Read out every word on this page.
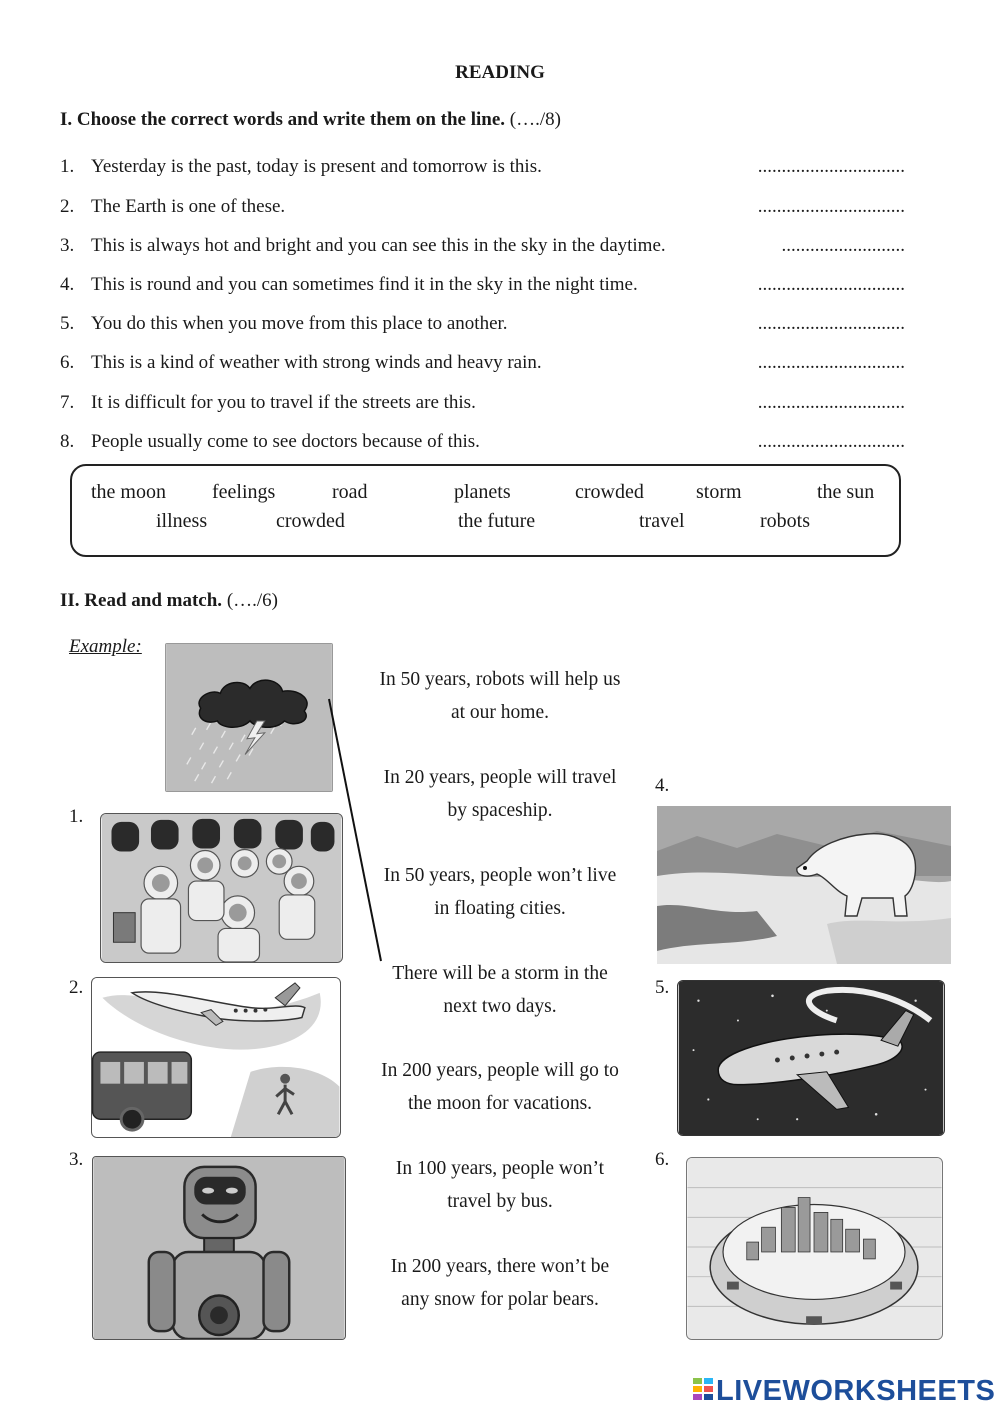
READING
I. Choose the correct words and write them on the line. (…./8)
1. Yesterday is the past, today is present and tomorrow is this.	...............................
2. The Earth is one of these.	...............................
3. This is always hot and bright and you can see this in the sky in the daytime.	..........................
4. This is round and you can sometimes find it in the sky in the night time.	...............................
5. You do this when you move from this place to another.	...............................
6. This is a kind of weather with strong winds and heavy rain.	...............................
7. It is difficult for you to travel if the streets are this.	...............................
8. People usually come to see doctors because of this.	...............................
the moon feelings	road	planets	crowded	storm	the sun
illness	crowded	the future	travel	robots
II. Read and match. (…./6)
Example:
In 50 years, robots will help us
at our home.
In 20 years, people will travel
by spaceship.
In 50 years, people won’t live
in floating cities.
There will be a storm in the
next two days.
In 200 years, people will go to
the moon for vacations.
In 100 years, people won’t
travel by bus.
In 200 years, there won’t be
any snow for polar bears.
1.
2.
3.
4.
5.
6.
LIVEWORKSHEETS
